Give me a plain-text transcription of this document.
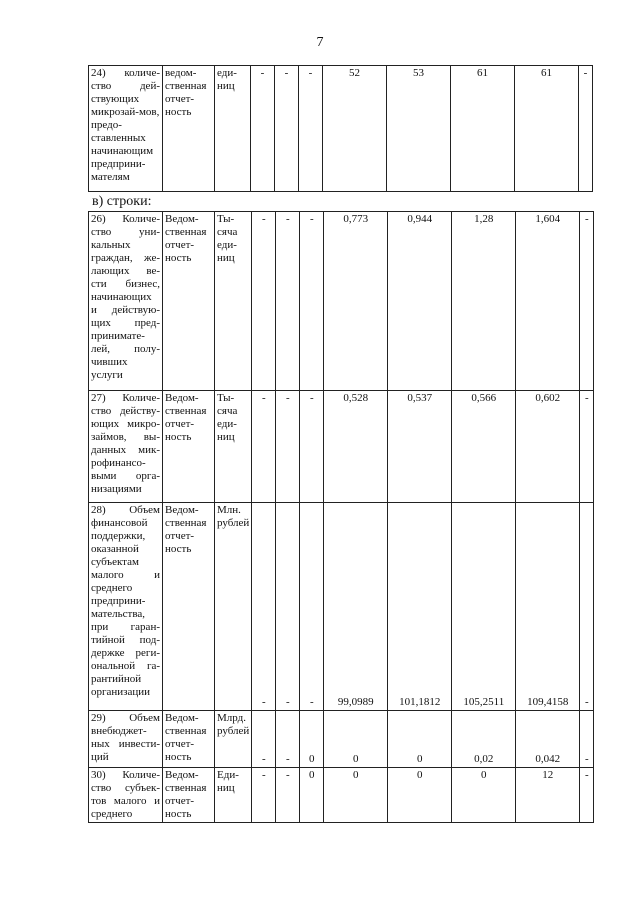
7
24) количе-ство дей-ствующих микрозай-мов, предо-ставленных начинающим предприни-мателям	ведом-ственная отчет-ность	еди-ниц	-	-	-	52	53	61	61	-
в) строки:
26) Количе-ство уни-кальных граждан, же-лающих ве-сти бизнес, начинающих и действую-щих пред-принимате-лей, полу-чивших услуги	Ведом-ственная отчет-ность	Ты-сяча еди-ниц	-	-	-	0,773	0,944	1,28	1,604	-
27) Количе-ство действу-ющих микро-займов, вы-данных мик-рофинансо-выми орга-низациями	Ведом-ственная отчет-ность	Ты-сяча еди-ниц	-	-	-	0,528	0,537	0,566	0,602	-
28) Объем финансовой поддержки, оказанной субъектам малого и среднего предприни-мательства, при гаран-тийной под-держке реги-ональной га-рантийной организации	Ведом-ственная отчет-ность	Млн. рублей	-	-	-	99,0989	101,1812	105,2511	109,4158	-
29) Объем внебюджет-ных инвести-ций	Ведом-ственная отчет-ность	Млрд. рублей	-	-	0	0	0	0,02	0,042	-
30) Количе-ство субъек-тов малого и среднего	Ведом-ственная отчет-ность	Еди-ниц	-	-	0	0	0	0	12	-
